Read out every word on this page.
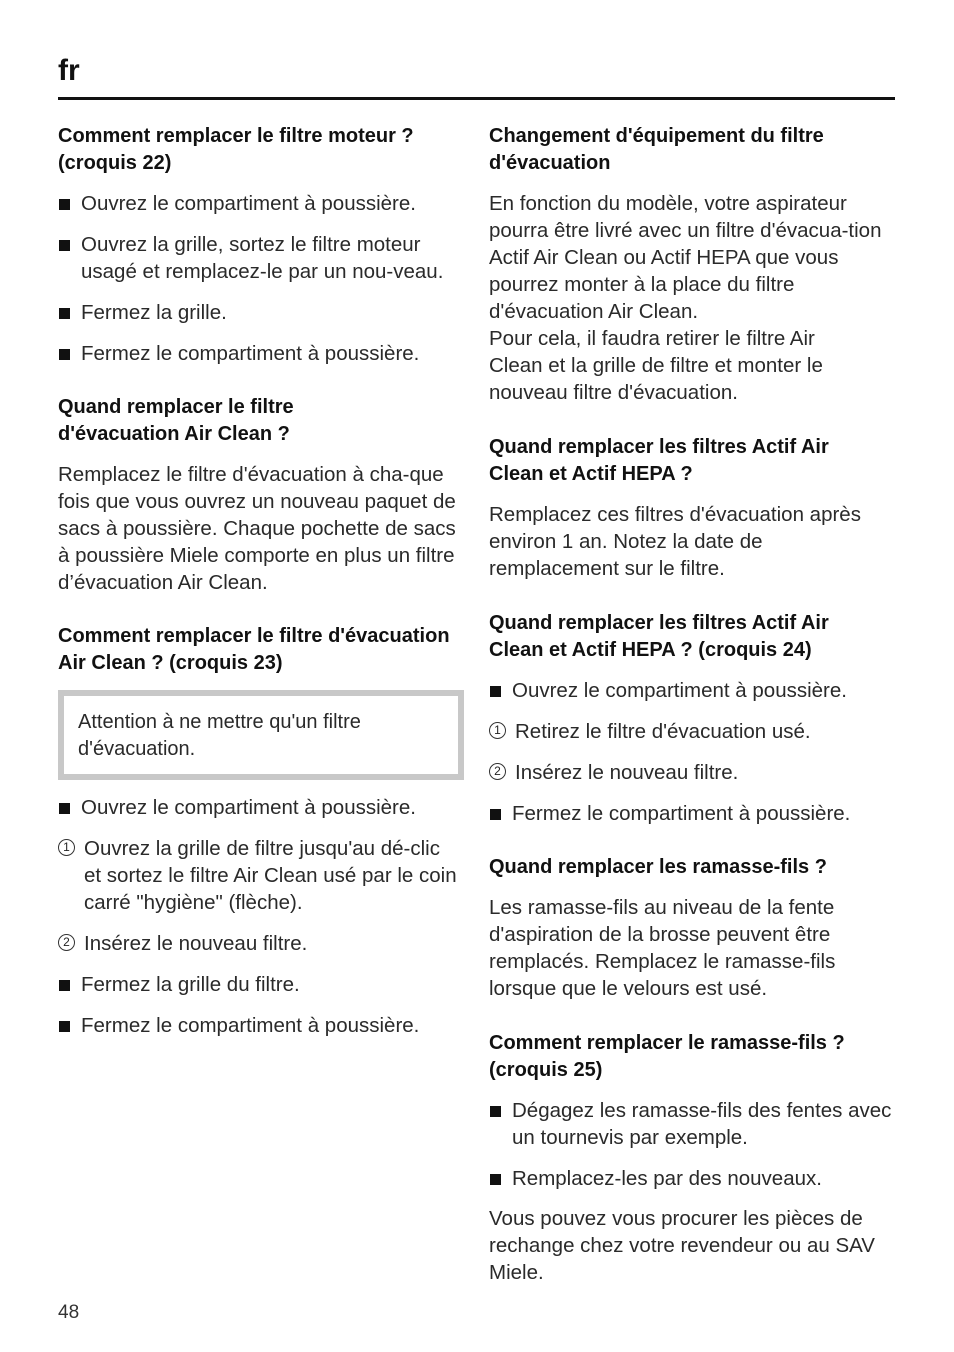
fr
Comment remplacer le filtre moteur ? (croquis 22)
Ouvrez le compartiment à poussière.
Ouvrez la grille, sortez le filtre moteur usagé et remplacez-le par un nou-veau.
Fermez la grille.
Fermez le compartiment à poussière.
Quand remplacer le filtre d'évacuation Air Clean ?

Remplacez le filtre d'évacuation à cha-que fois que vous ouvrez un nouveau paquet de sacs à poussière. Chaque pochette de sacs à poussière Miele comporte en plus un filtre d’évacuation Air Clean.

Comment remplacer le filtre d'évacuation Air Clean ? (croquis 23)
Attention à ne mettre qu'un filtre d'évacuation.
Ouvrez le compartiment à poussière.
1 Ouvrez la grille de filtre jusqu'au dé-clic et sortez le filtre Air Clean usé par le coin carré "hygiène" (flèche).
2 Insérez le nouveau filtre.
Fermez la grille du filtre.
Fermez le compartiment à poussière.
Changement d'équipement du filtre d'évacuation

En fonction du modèle, votre aspirateur pourra être livré avec un filtre d'évacua-tion Actif Air Clean ou Actif HEPA que vous pourrez monter à la place du filtre d'évacuation Air Clean.

Pour cela, il faudra retirer le filtre Air Clean et la grille de filtre et monter le nouveau filtre d'évacuation.

Quand remplacer les filtres Actif Air Clean et Actif HEPA ?

Remplacez ces filtres d'évacuation après environ 1 an. Notez la date de remplacement sur le filtre.

Quand remplacer les filtres Actif Air Clean et Actif HEPA ? (croquis 24)
Ouvrez le compartiment à poussière.
1 Retirez le filtre d'évacuation usé.
2 Insérez le nouveau filtre.
Fermez le compartiment à poussière.
Quand remplacer les ramasse-fils ?

Les ramasse-fils au niveau de la fente d'aspiration de la brosse peuvent être remplacés. Remplacez le ramasse-fils lorsque que le velours est usé.

Comment remplacer le ramasse-fils ? (croquis 25)
Dégagez les ramasse-fils des fentes avec un tournevis par exemple.
Remplacez-les par des nouveaux.

Vous pouvez vous procurer les pièces de rechange chez votre revendeur ou au SAV Miele.

48
